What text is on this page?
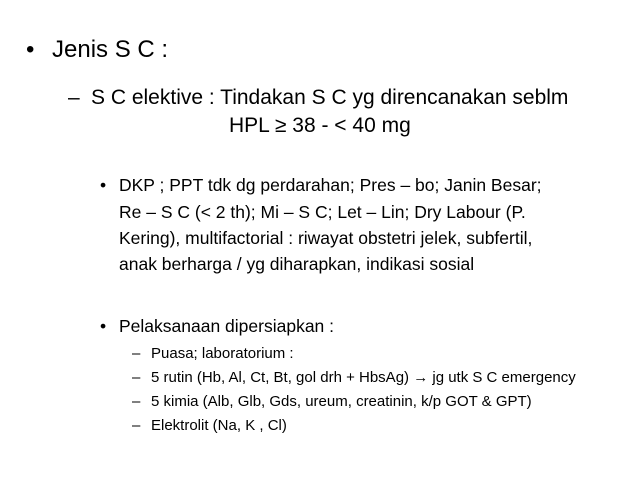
• Jenis S C :
– S C elektive : Tindakan S C yg direncanakan seblm
HPL ≥ 38 - < 40 mg
• DKP ; PPT tdk dg perdarahan; Pres – bo; Janin Besar;
Re – S C (< 2 th); Mi – S C; Let – Lin; Dry Labour (P.
Kering), multifactorial : riwayat obstetri jelek, subfertil,
anak berharga / yg diharapkan, indikasi sosial
• Pelaksanaan dipersiapkan :
– Puasa; laboratorium :
– 5 rutin (Hb, Al, Ct, Bt, gol drh + HbsAg) → jg utk S C emergency
– 5 kimia (Alb, Glb, Gds, ureum, creatinin, k/p GOT & GPT)
– Elektrolit (Na, K , Cl)
